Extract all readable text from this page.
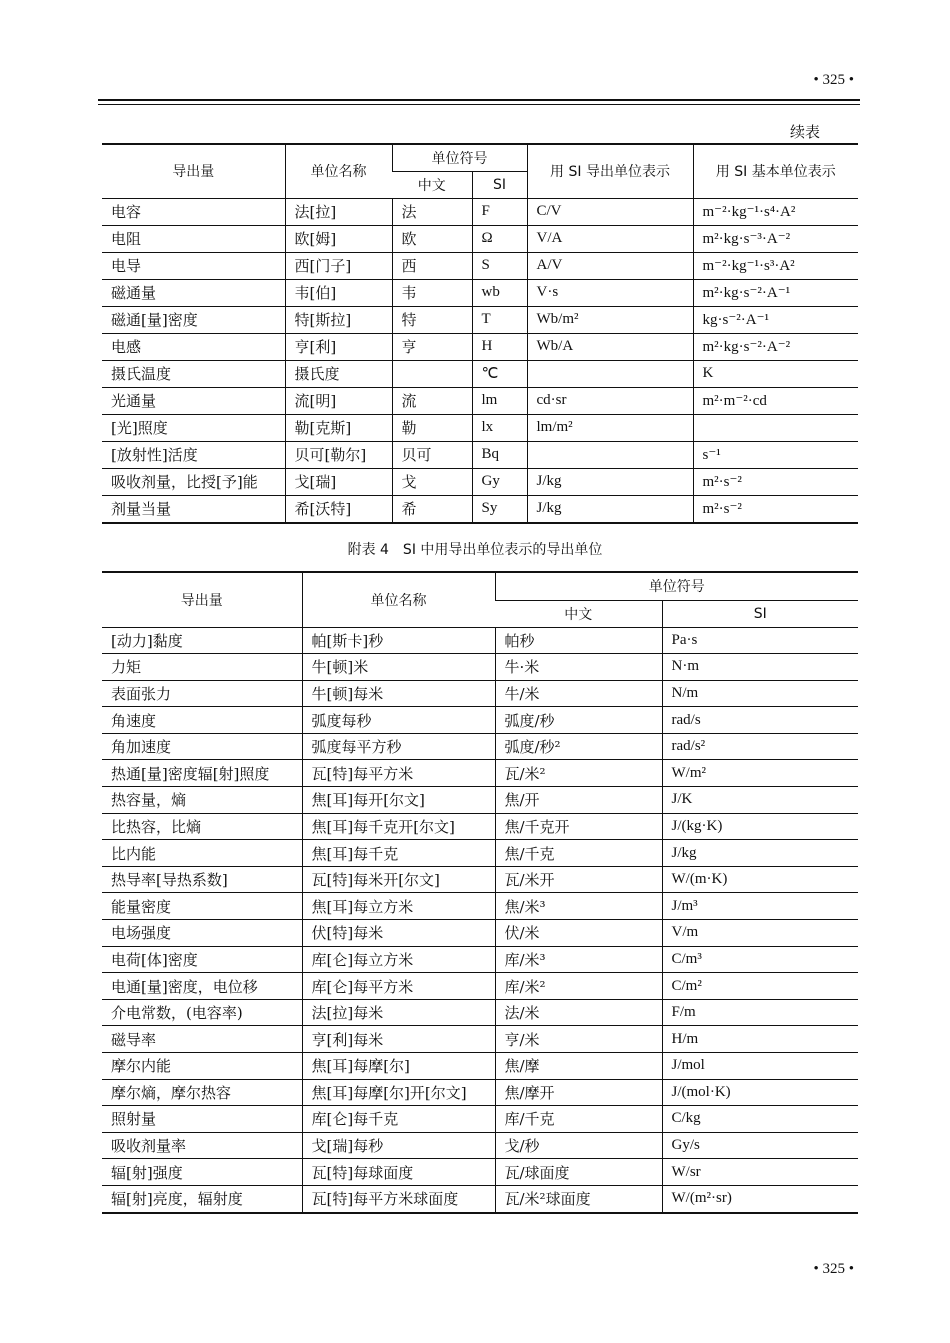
• 325 •
续表
导出量	单位名称	单位符号		用 SI 导出单位表示	用 SI 基本单位表示
		中文	SI		
电容	法[拉]	法	F	C/V	m⁻²·kg⁻¹·s⁴·A²
电阻	欧[姆]	欧	Ω	V/A	m²·kg·s⁻³·A⁻²
电导	西[门子]	西	S	A/V	m⁻²·kg⁻¹·s³·A²
磁通量	韦[伯]	韦	wb	V·s	m²·kg·s⁻²·A⁻¹
磁通[量]密度	特[斯拉]	特	T	Wb/m²	kg·s⁻²·A⁻¹
电感	亨[利]	亨	H	Wb/A	m²·kg·s⁻²·A⁻²
摄氏温度	摄氏度		℃		K
光通量	流[明]	流	lm	cd·sr	m²·m⁻²·cd
[光]照度	勒[克斯]	勒	lx	lm/m²	
[放射性]活度	贝可[勒尔]	贝可	Bq		s⁻¹
吸收剂量，比授[予]能	戈[瑞]	戈	Gy	J/kg	m²·s⁻²
剂量当量	希[沃特]	希	Sy	J/kg	m²·s⁻²
附表 4　SI 中用导出单位表示的导出单位
导出量	单位名称	单位符号	
		中文	SI
[动力]黏度	帕[斯卡]秒	帕秒	Pa·s
力矩	牛[顿]米	牛·米	N·m
表面张力	牛[顿]每米	牛/米	N/m
角速度	弧度每秒	弧度/秒	rad/s
角加速度	弧度每平方秒	弧度/秒²	rad/s²
热通[量]密度辐[射]照度	瓦[特]每平方米	瓦/米²	W/m²
热容量，熵	焦[耳]每开[尔文]	焦/开	J/K
比热容，比熵	焦[耳]每千克开[尔文]	焦/千克开	J/(kg·K)
比内能	焦[耳]每千克	焦/千克	J/kg
热导率[导热系数]	瓦[特]每米开[尔文]	瓦/米开	W/(m·K)
能量密度	焦[耳]每立方米	焦/米³	J/m³
电场强度	伏[特]每米	伏/米	V/m
电荷[体]密度	库[仑]每立方米	库/米³	C/m³
电通[量]密度，电位移	库[仑]每平方米	库/米²	C/m²
介电常数，(电容率)	法[拉]每米	法/米	F/m
磁导率	亨[利]每米	亨/米	H/m
摩尔内能	焦[耳]每摩[尔]	焦/摩	J/mol
摩尔熵，摩尔热容	焦[耳]每摩[尔]开[尔文]	焦/摩开	J/(mol·K)
照射量	库[仑]每千克	库/千克	C/kg
吸收剂量率	戈[瑞]每秒	戈/秒	Gy/s
辐[射]强度	瓦[特]每球面度	瓦/球面度	W/sr
辐[射]亮度，辐射度	瓦[特]每平方米球面度	瓦/米²球面度	W/(m²·sr)
• 325 •
